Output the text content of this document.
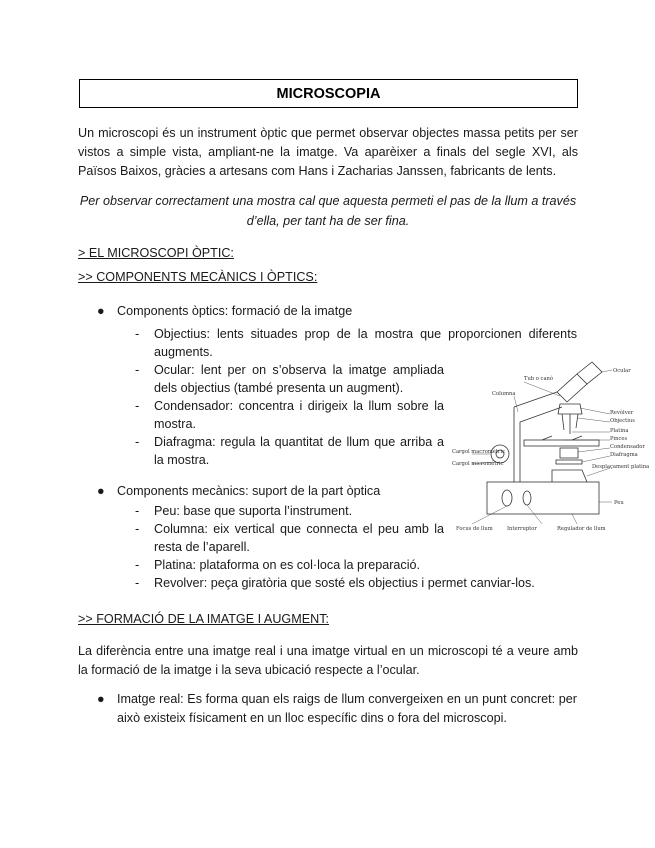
MICROSCOPIA

Un microscopi és un instrument òptic que permet observar objectes massa petits per ser vistos a simple vista, ampliant-ne la imatge. Va aparèixer a finals del segle XVI, als Països Baixos, gràcies a artesans com Hans i Zacharias Janssen, fabricants de lents.

Per observar correctament una mostra cal que aquesta permeti el pas de la llum a través d’ella, per tant ha de ser fina.

> EL MICROSCOPI ÒPTIC:
>> COMPONENTS MECÀNICS I ÒPTICS:
● Components òptics: formació de la imatge
- Objectius: lents situades prop de la mostra que proporcionen diferents augments.
- Ocular: lent per on s’observa la imatge ampliada dels objectius (també presenta un augment).
- Condensador: concentra i dirigeix la llum sobre la mostra.
- Diafragma: regula la quantitat de llum que arriba a la mostra.
● Components mecànics: suport de la part òptica
- Peu: base que suporta l’instrument.
- Columna: eix vertical que connecta el peu amb la resta de l’aparell.
- Platina: plataforma on es col·loca la preparació.
- Revolver: peça giratòria que sosté els objectius i permet canviar-los.
>> FORMACIÓ DE LA IMATGE I AUGMENT:

La diferència entre una imatge real i una imatge virtual en un microscopi té a veure amb la formació de la imatge i la seva ubicació respecte a l’ocular.

● Imatge real: Es forma quan els raigs de llum convergeixen en un punt concret: per això existeix físicament en un lloc específic dins o fora del microscopi.
Tub o canó
Ocular
Columna
Revòlver
Objectius
Platina
Pinces
Condensador
Diafragma
Cargol macromètric
Cargol micromètric	Desplaçament platina
Peu
Focus de llum	Interruptor	Regulador de llum
